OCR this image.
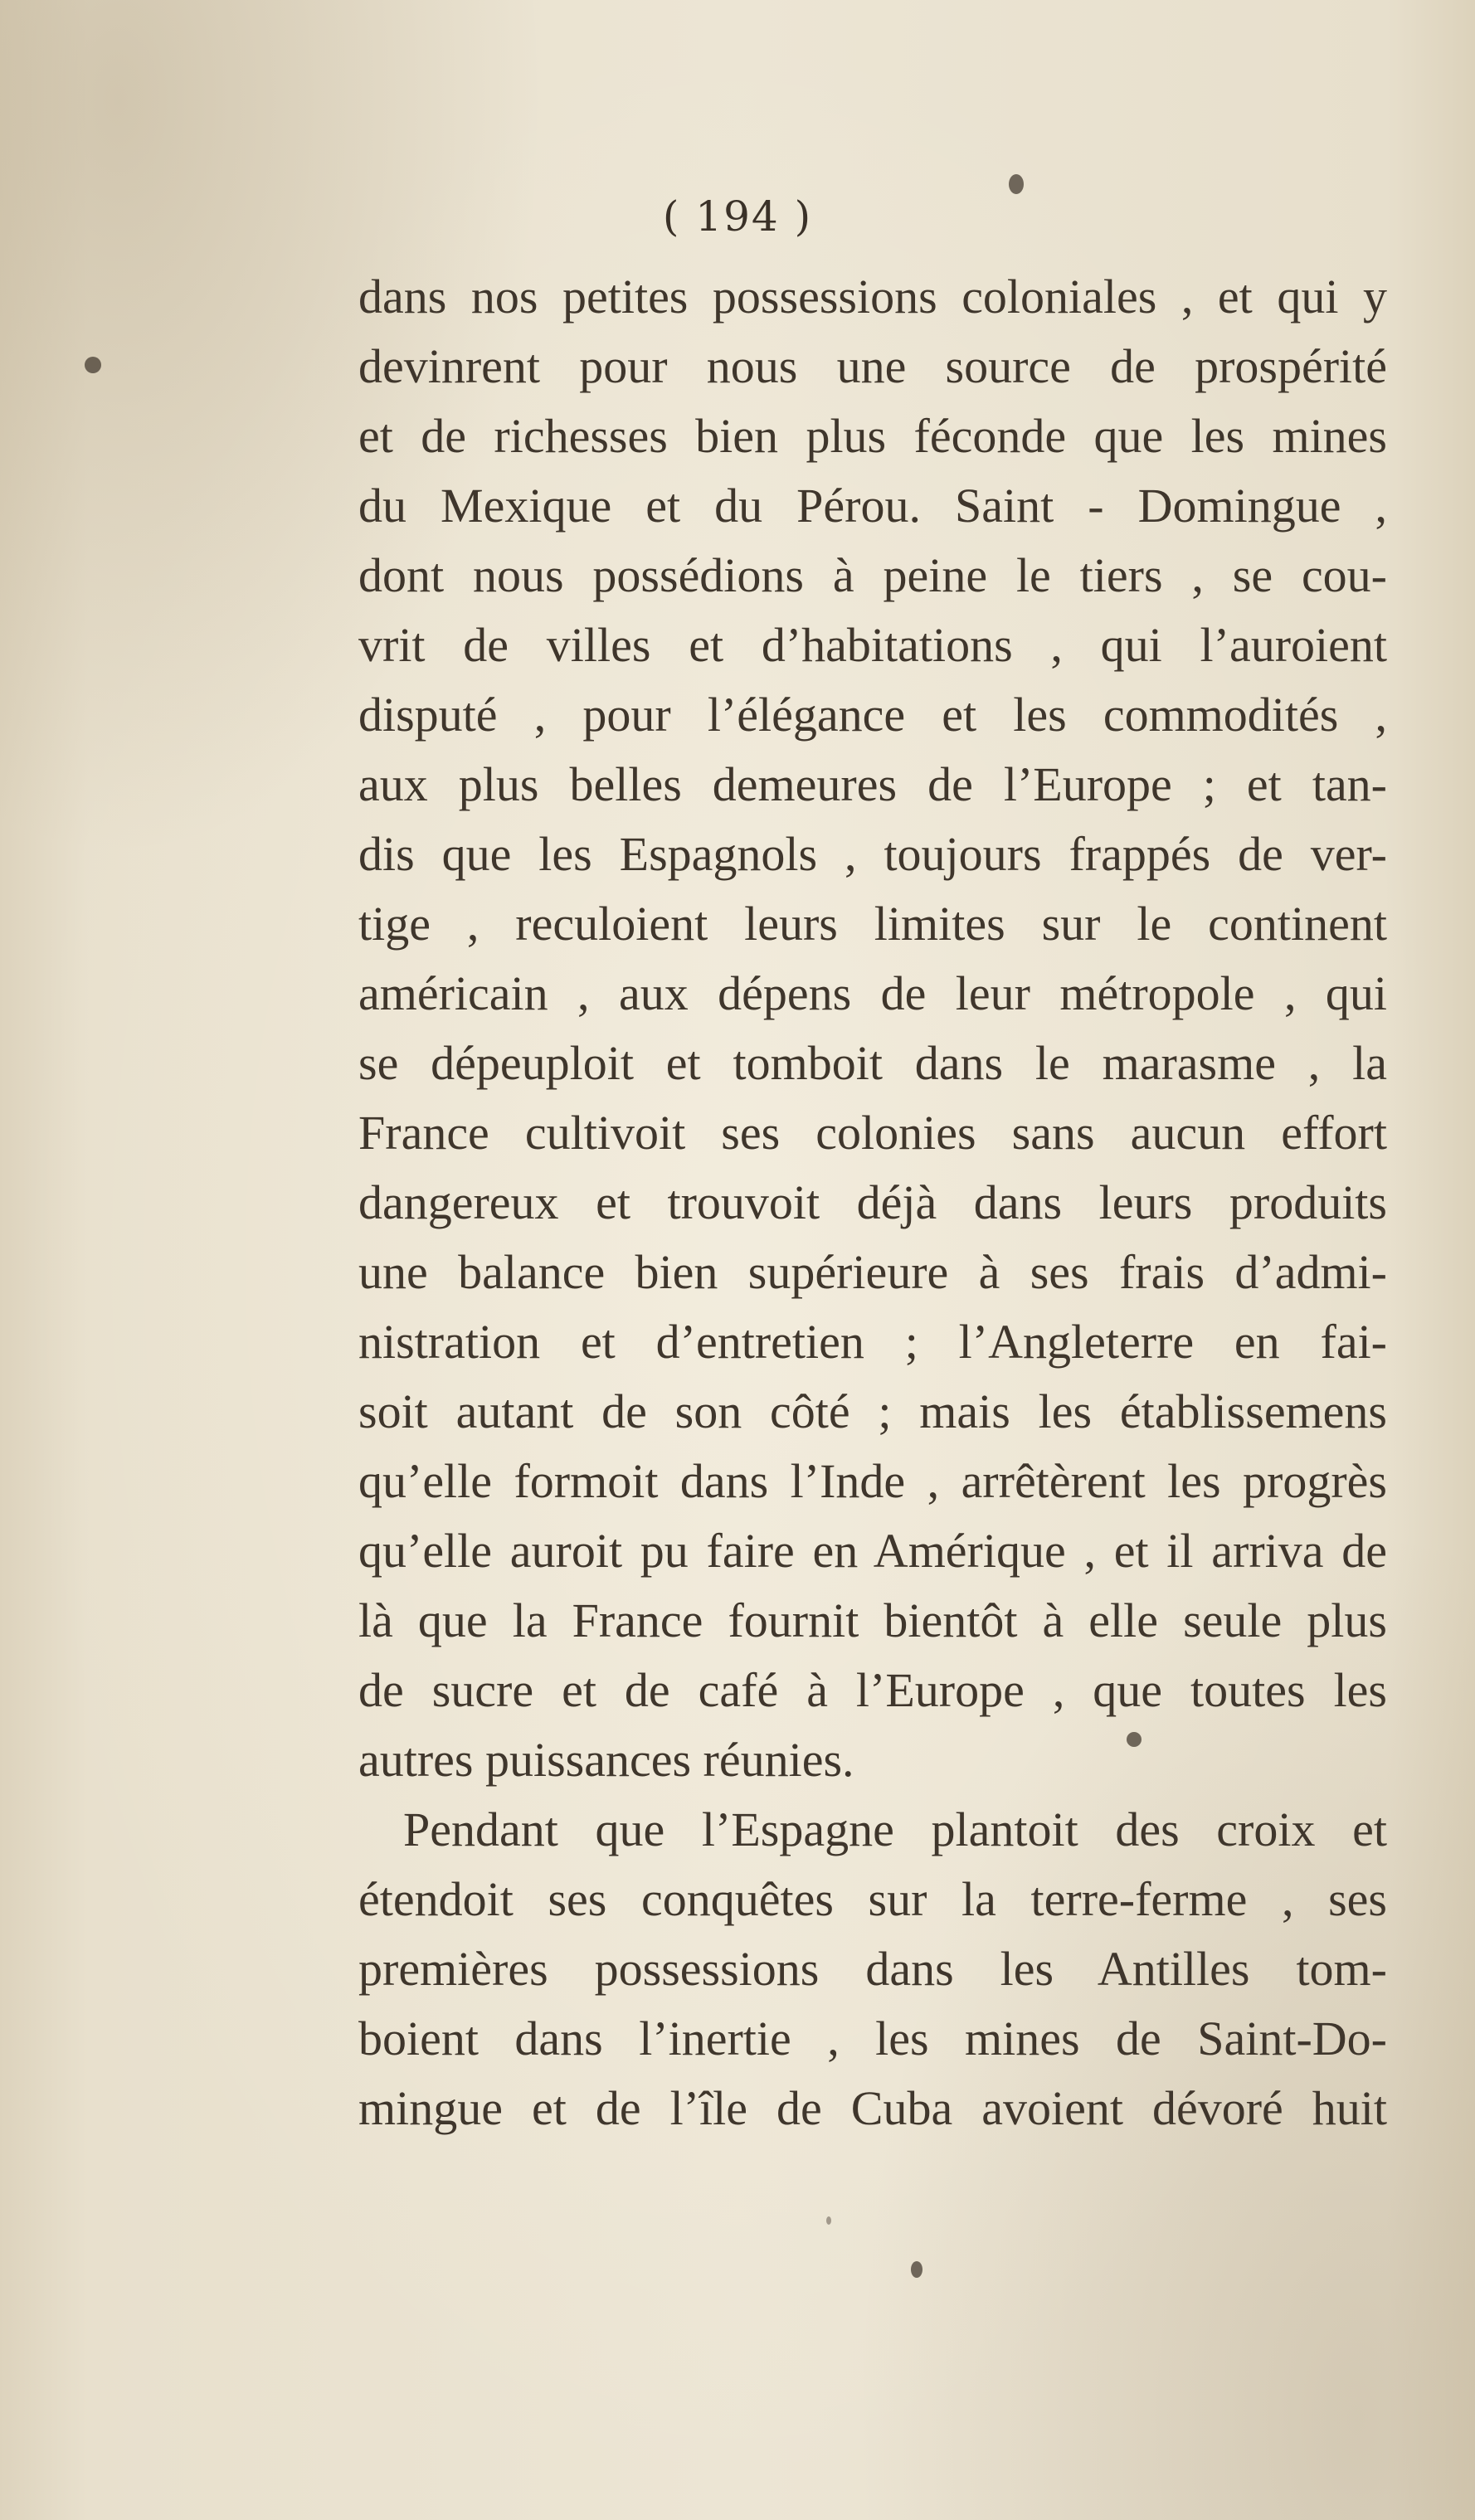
( 194 )
dans nos petites possessions coloniales , et qui y
devinrent pour nous une source de prospérité
et de richesses bien plus féconde que les mines
du Mexique et du Pérou. Saint - Domingue ,
dont nous possédions à peine le tiers , se cou-
vrit de villes et d’habitations , qui l’auroient
disputé , pour l’élégance et les commodités ,
aux plus belles demeures de l’Europe ; et tan-
dis que les Espagnols , toujours frappés de ver-
tige , reculoient leurs limites sur le continent
américain , aux dépens de leur métropole , qui
se dépeuploit et tomboit dans le marasme , la
France cultivoit ses colonies sans aucun effort
dangereux et trouvoit déjà dans leurs produits
une balance bien supérieure à ses frais d’admi-
nistration et d’entretien ; l’Angleterre en fai-
soit autant de son côté ; mais les établissemens
qu’elle formoit dans l’Inde , arrêtèrent les progrès
qu’elle auroit pu faire en Amérique , et il arriva de
là que la France fournit bientôt à elle seule plus
de sucre et de café à l’Europe , que toutes les
autres puissances réunies.
Pendant que l’Espagne plantoit des croix et
étendoit ses conquêtes sur la terre-ferme , ses
premières possessions dans les Antilles tom-
boient dans l’inertie , les mines de Saint-Do-
mingue et de l’île de Cuba avoient dévoré huit
